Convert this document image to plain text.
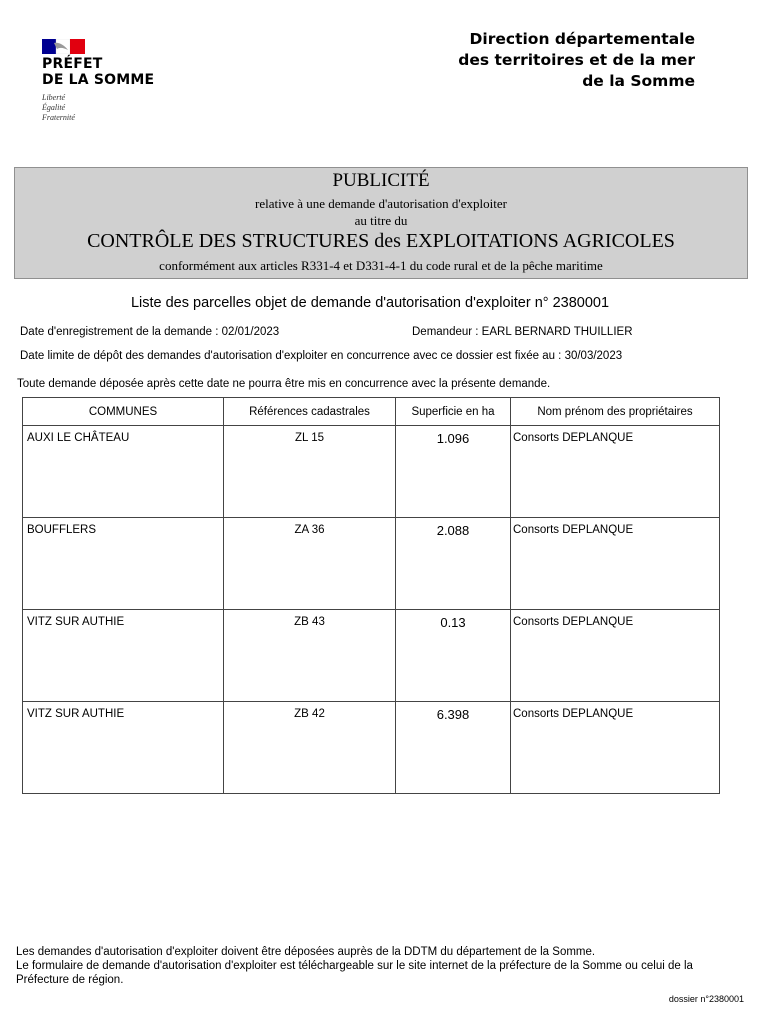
PRÉFET
DE LA SOMME
Liberté
Égalité
Fraternité
Direction départementale
des territoires et de la mer
de la Somme
PUBLICITÉ
relative à une demande d'autorisation d'exploiter
au titre du
CONTRÔLE DES STRUCTURES des EXPLOITATIONS AGRICOLES
conformément aux articles R331-4 et D331-4-1 du code rural et de la pêche maritime
Liste des parcelles objet de demande d'autorisation d'exploiter n° 2380001
Date d'enregistrement de la demande : 02/01/2023	Demandeur : EARL BERNARD THUILLIER
Date limite de dépôt des demandes d'autorisation d'exploiter en concurrence avec ce dossier est fixée au : 30/03/2023
Toute demande déposée après cette date ne pourra être mis en concurrence avec la présente demande.
COMMUNES	Références cadastrales	Superficie en ha	Nom prénom des propriétaires
AUXI LE CHÂTEAU	ZL 15	1.096	Consorts DEPLANQUE
BOUFFLERS	ZA 36	2.088	Consorts DEPLANQUE
VITZ SUR AUTHIE	ZB 43	0.13	Consorts DEPLANQUE
VITZ SUR AUTHIE	ZB 42	6.398	Consorts DEPLANQUE
Les demandes d'autorisation d'exploiter doivent être déposées auprès de la DDTM du département de la Somme.
Le formulaire de demande d'autorisation d'exploiter est téléchargeable sur le site internet de la préfecture de la Somme ou celui de la Préfecture de région.
dossier n°2380001
